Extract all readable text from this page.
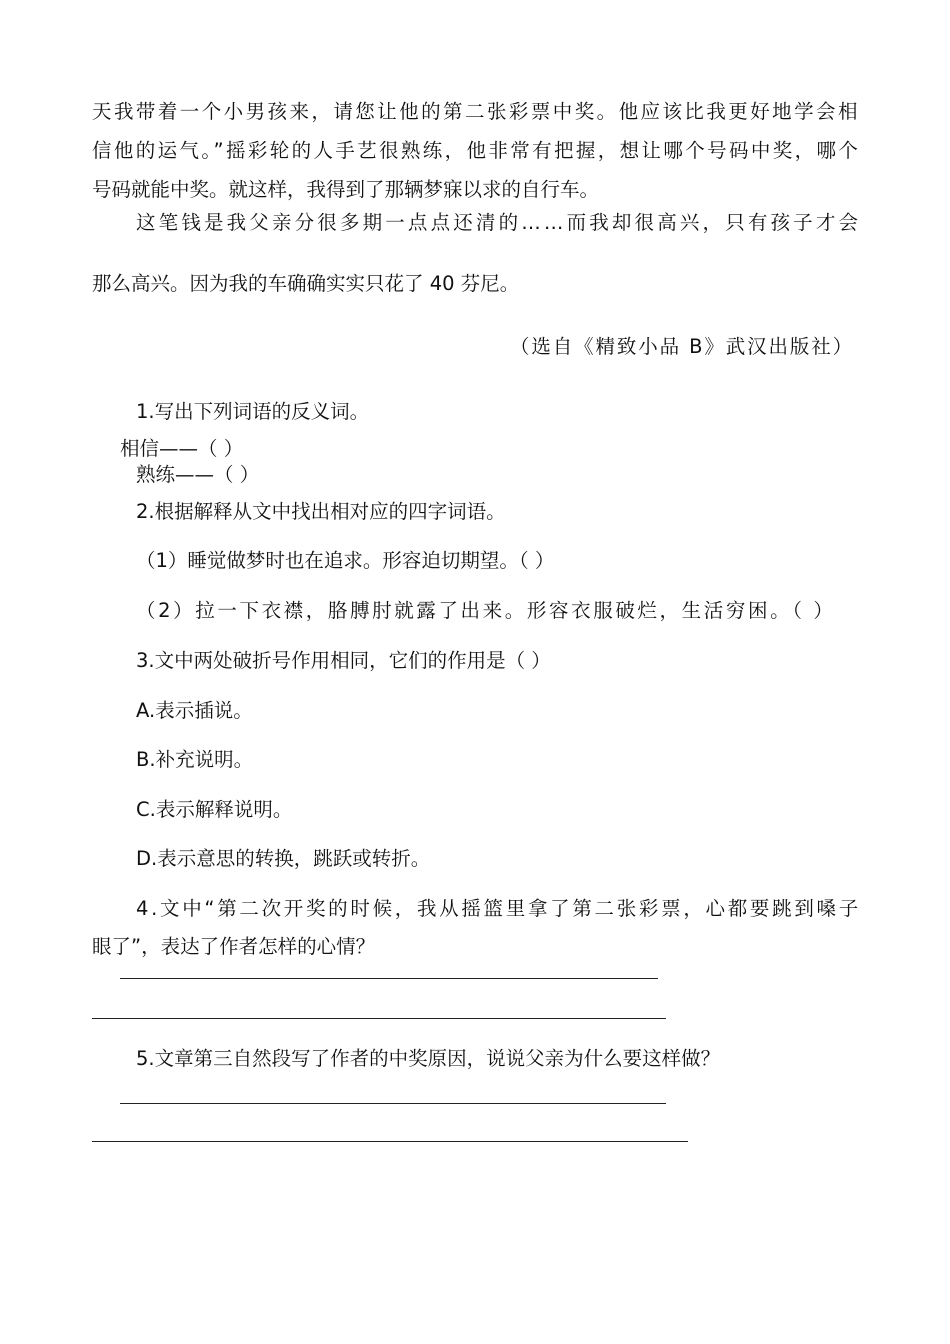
天我带着一个小男孩来，请您让他的第二张彩票中奖。他应该比我更好地学会相
信他的运气。”摇彩轮的人手艺很熟练，他非常有把握，想让哪个号码中奖，哪个
号码就能中奖。就这样，我得到了那辆梦寐以求的自行车。
这笔钱是我父亲分很多期一点点还清的……而我却很高兴，只有孩子才会
那么高兴。因为我的车确确实实只花了 40 芬尼。
（选自《精致小品 B》武汉出版社）
1.写出下列词语的反义词。
相信——（ ）
熟练——（ ）
2.根据解释从文中找出相对应的四字词语。
（1）睡觉做梦时也在追求。形容迫切期望。（ ）
（2）拉一下衣襟，胳膊肘就露了出来。形容衣服破烂，生活穷困。（ ）
3.文中两处破折号作用相同，它们的作用是（ ）
A.表示插说。
B.补充说明。
C.表示解释说明。
D.表示意思的转换，跳跃或转折。
4.文中“第二次开奖的时候，我从摇篮里拿了第二张彩票，心都要跳到嗓子
眼了”，表达了作者怎样的心情？
5.文章第三自然段写了作者的中奖原因，说说父亲为什么要这样做？
